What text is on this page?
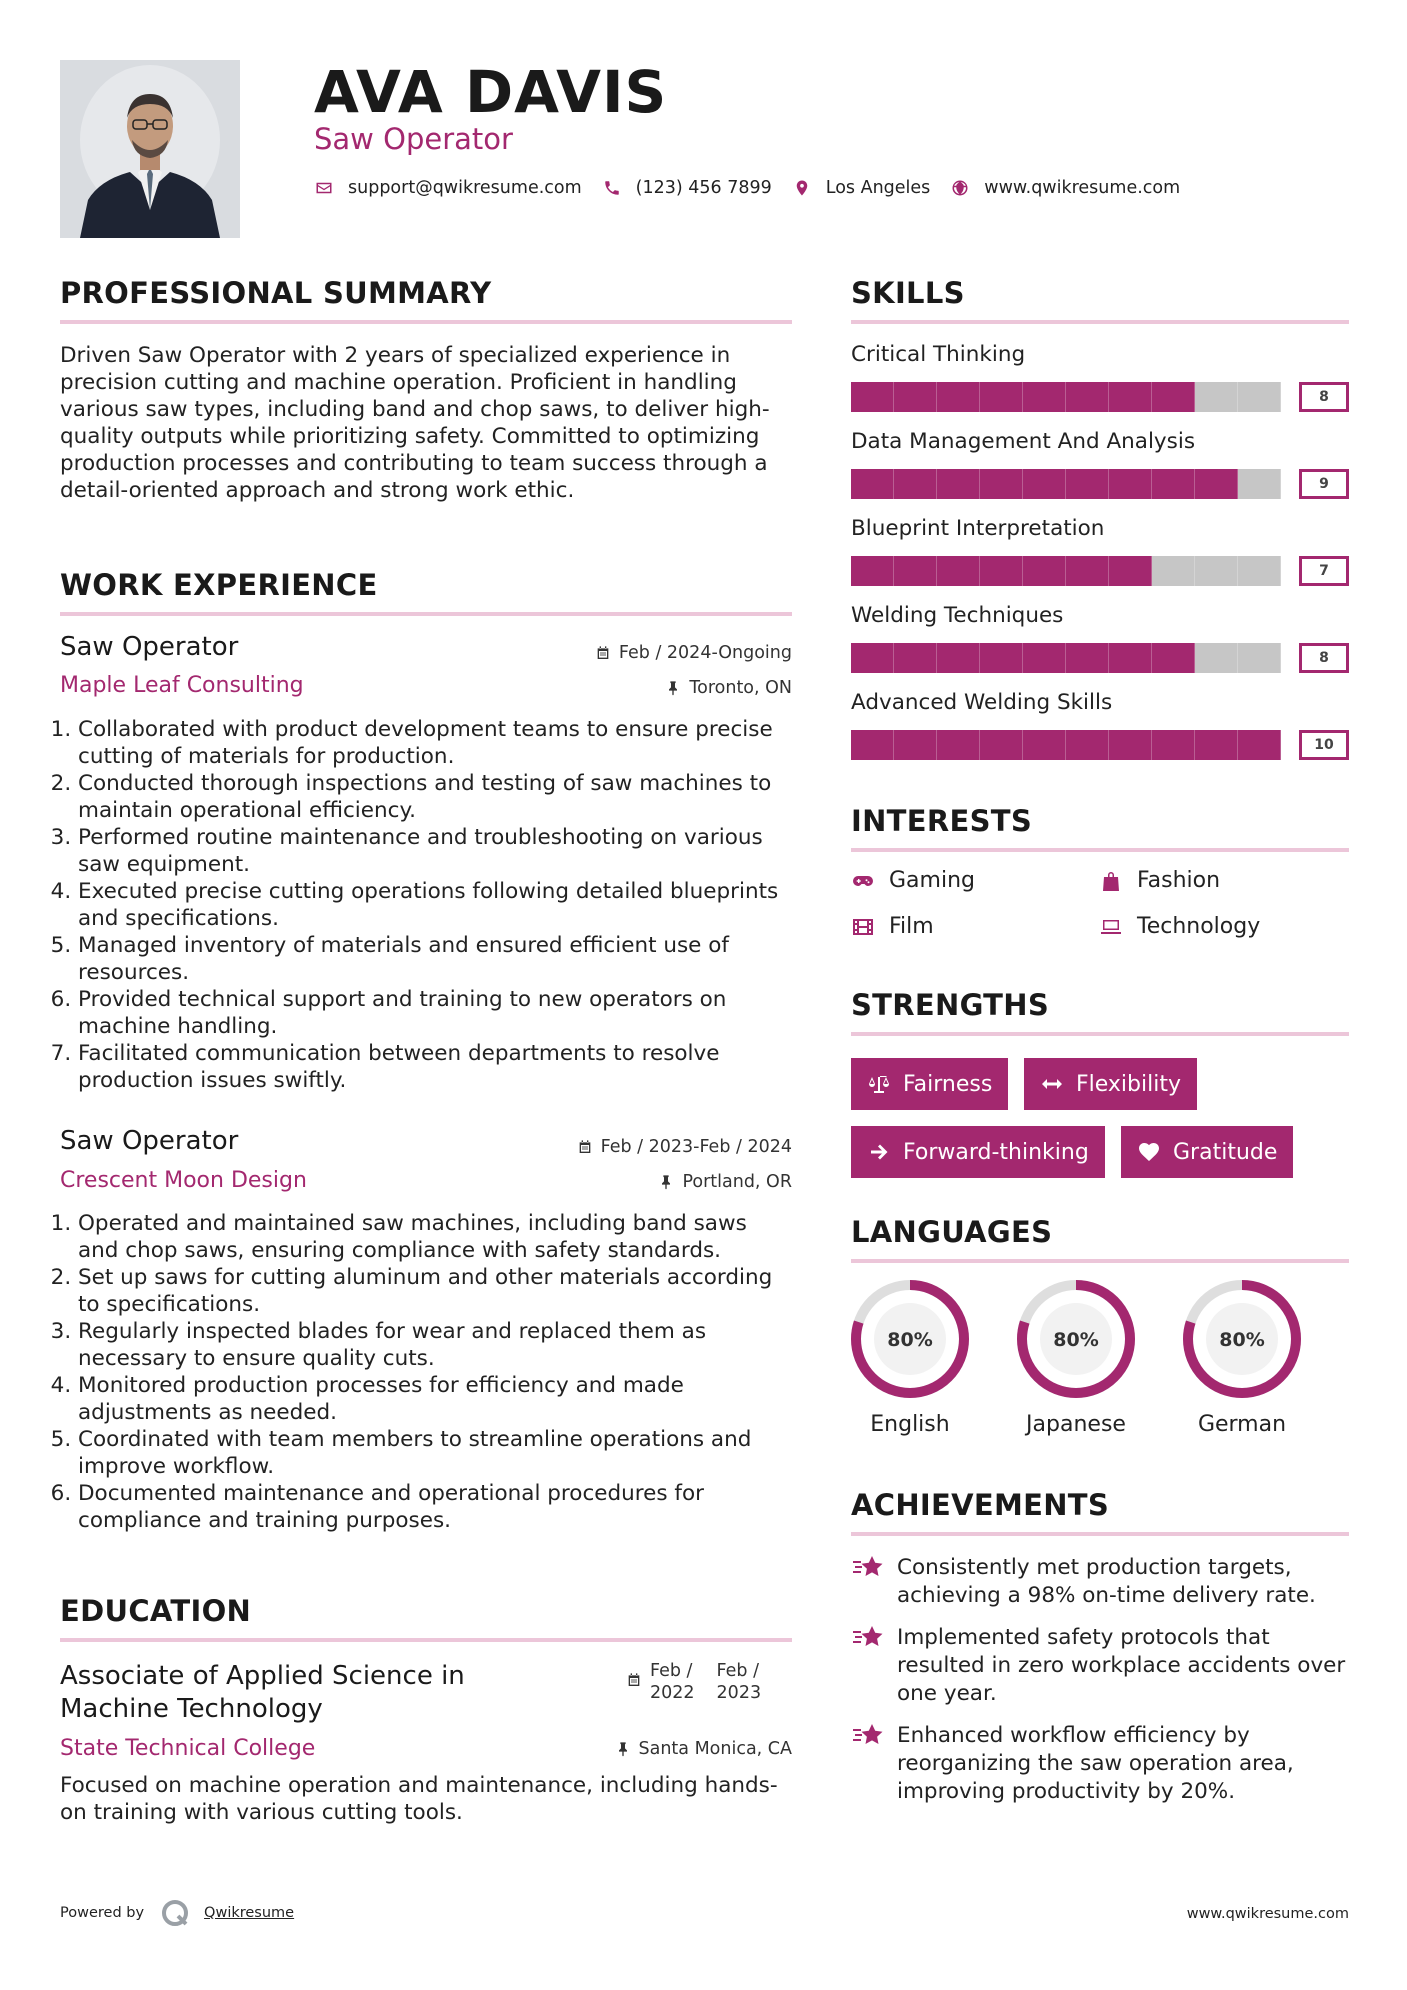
AVA DAVIS
Saw Operator
support@qwikresume.com	(123) 456 7899	Los Angeles	www.qwikresume.com
PROFESSIONAL SUMMARY
Driven Saw Operator with 2 years of specialized experience in precision cutting and machine operation. Proficient in handling various saw types, including band and chop saws, to deliver high-quality outputs while prioritizing safety. Committed to optimizing production processes and contributing to team success through a detail-oriented approach and strong work ethic.
WORK EXPERIENCE
Saw Operator	Feb / 2024-Ongoing
Maple Leaf Consulting	Toronto, ON
1. Collaborated with product development teams to ensure precise cutting of materials for production.
2. Conducted thorough inspections and testing of saw machines to maintain operational efficiency.
3. Performed routine maintenance and troubleshooting on various saw equipment.
4. Executed precise cutting operations following detailed blueprints and specifications.
5. Managed inventory of materials and ensured efficient use of resources.
6. Provided technical support and training to new operators on machine handling.
7. Facilitated communication between departments to resolve production issues swiftly.
Saw Operator	Feb / 2023-Feb / 2024
Crescent Moon Design	Portland, OR
1. Operated and maintained saw machines, including band saws and chop saws, ensuring compliance with safety standards.
2. Set up saws for cutting aluminum and other materials according to specifications.
3. Regularly inspected blades for wear and replaced them as necessary to ensure quality cuts.
4. Monitored production processes for efficiency and made adjustments as needed.
5. Coordinated with team members to streamline operations and improve workflow.
6. Documented maintenance and operational procedures for compliance and training purposes.
EDUCATION
Associate of Applied Science in
Machine Technology
Feb /
2022
Feb /
2023
State Technical College	Santa Monica, CA
Focused on machine operation and maintenance, including hands-on training with various cutting tools.
SKILLS
Critical Thinking
8
Data Management And Analysis
9
Blueprint Interpretation
7
Welding Techniques
8
Advanced Welding Skills
10
INTERESTS
Gaming	Fashion
Film	Technology
STRENGTHS
Fairness	Flexibility
Forward-thinking	Gratitude
LANGUAGES
80%
English
80%
Japanese
80%
German
ACHIEVEMENTS
Consistently met production targets, achieving a 98% on-time delivery rate.
Implemented safety protocols that resulted in zero workplace accidents over one year.
Enhanced workflow efficiency by reorganizing the saw operation area, improving productivity by 20%.
Powered by	Qwikresume	www.qwikresume.com
